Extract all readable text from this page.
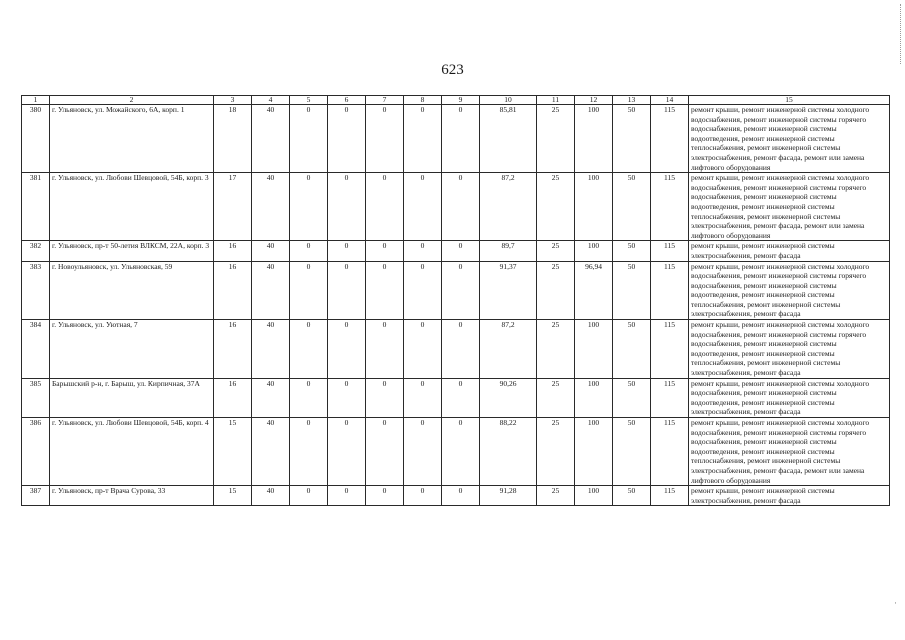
623
1	2	3	4	5	6	7	8	9	10	11	12	13	14	15
380	г. Ульяновск, ул. Можайского, 6А, корп. 1	18	40	0	0	0	0	0	85,81	25	100	50	115	ремонт крыши, ремонт инженерной системы холодного водоснабжения, ремонт инженерной системы горячего водоснабжения, ремонт инженерной системы водоотведения, ремонт инженерной системы теплоснабжения, ремонт инженерной системы электроснабжения, ремонт фасада, ремонт или замена лифтового оборудования
381	г. Ульяновск, ул. Любови Шевцовой, 54Б, корп. 3	17	40	0	0	0	0	0	87,2	25	100	50	115	ремонт крыши, ремонт инженерной системы холодного водоснабжения, ремонт инженерной системы горячего водоснабжения, ремонт инженерной системы водоотведения, ремонт инженерной системы теплоснабжения, ремонт инженерной системы электроснабжения, ремонт фасада, ремонт или замена лифтового оборудования
382	г. Ульяновск, пр-т 50-летия ВЛКСМ, 22А, корп. 3	16	40	0	0	0	0	0	89,7	25	100	50	115	ремонт крыши, ремонт инженерной системы электроснабжения, ремонт фасада
383	г. Новоульяновск, ул. Ульяновская, 59	16	40	0	0	0	0	0	91,37	25	96,94	50	115	ремонт крыши, ремонт инженерной системы холодного водоснабжения, ремонт инженерной системы горячего водоснабжения, ремонт инженерной системы водоотведения, ремонт инженерной системы теплоснабжения, ремонт инженерной системы электроснабжения, ремонт фасада
384	г. Ульяновск, ул. Уютная, 7	16	40	0	0	0	0	0	87,2	25	100	50	115	ремонт крыши, ремонт инженерной системы холодного водоснабжения, ремонт инженерной системы горячего водоснабжения, ремонт инженерной системы водоотведения, ремонт инженерной системы теплоснабжения, ремонт инженерной системы электроснабжения, ремонт фасада
385	Барышский р-н, г. Барыш, ул. Кирпичная, 37А	16	40	0	0	0	0	0	90,26	25	100	50	115	ремонт крыши, ремонт инженерной системы холодного водоснабжения, ремонт инженерной системы водоотведения, ремонт инженерной системы электроснабжения, ремонт фасада
386	г. Ульяновск, ул. Любови Шевцовой, 54Б, корп. 4	15	40	0	0	0	0	0	88,22	25	100	50	115	ремонт крыши, ремонт инженерной системы холодного водоснабжения, ремонт инженерной системы горячего водоснабжения, ремонт инженерной системы водоотведения, ремонт инженерной системы теплоснабжения, ремонт инженерной системы электроснабжения, ремонт фасада, ремонт или замена лифтового оборудования
387	г. Ульяновск, пр-т Врача Сурова, 33	15	40	0	0	0	0	0	91,28	25	100	50	115	ремонт крыши, ремонт инженерной системы электроснабжения, ремонт фасада
·
